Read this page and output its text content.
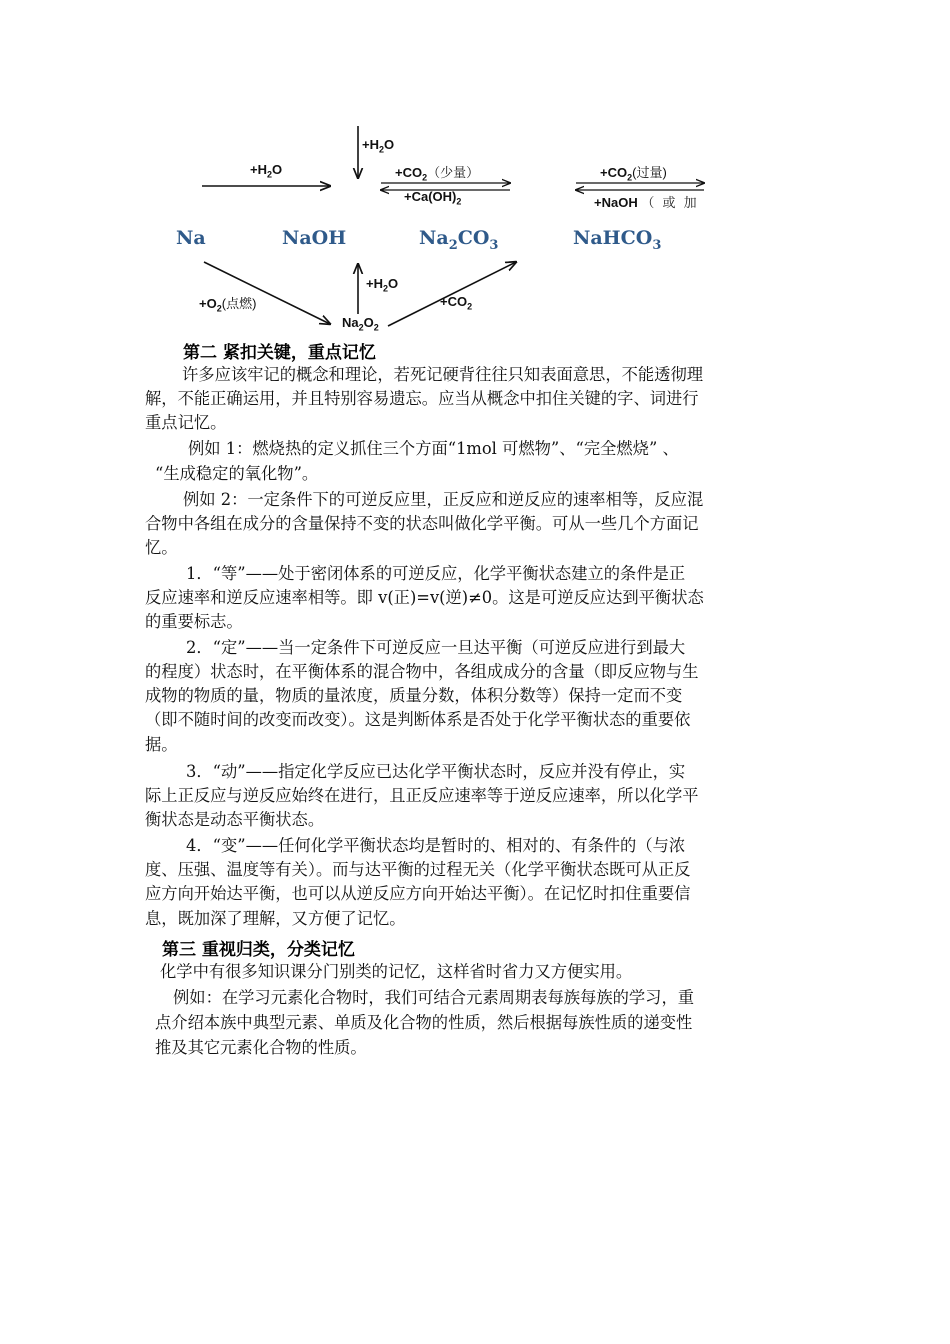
$+H_2O$
$+H_2O$	$+CO_2$（少量）
$+Ca(OH)_2$
$+CO_2$(过量)
+NaOH （ 或 加
Na	NaOH	$Na_2CO_3$	NaHCO$_3$
$+H_2O$
$+O_2$(点燃)	$+CO_2$
$Na_2O_2$
第二 紧扣关键，重点记忆
许多应该牢记的概念和理论，若死记硬背往往只知表面意思，不能透彻理
解，不能正确运用，并且特别容易遗忘。应当从概念中扣住关键的字、词进行
重点记忆。
例如 1：燃烧热的定义抓住三个方面“1mol 可燃物”、“完全燃烧” 、
“生成稳定的氧化物”。
例如 2：一定条件下的可逆反应里，正反应和逆反应的速率相等，反应混
合物中各组在成分的含量保持不变的状态叫做化学平衡。可从一些几个方面记
忆。
1．“等”——处于密闭体系的可逆反应，化学平衡状态建立的条件是正
反应速率和逆反应速率相等。即 v(正)=v(逆)≠0。这是可逆反应达到平衡状态
的重要标志。
2．“定”——当一定条件下可逆反应一旦达平衡（可逆反应进行到最大
的程度）状态时，在平衡体系的混合物中，各组成成分的含量（即反应物与生
成物的物质的量，物质的量浓度，质量分数，体积分数等）保持一定而不变
（即不随时间的改变而改变）。这是判断体系是否处于化学平衡状态的重要依
据。
3．“动”——指定化学反应已达化学平衡状态时，反应并没有停止，实
际上正反应与逆反应始终在进行，且正反应速率等于逆反应速率，所以化学平
衡状态是动态平衡状态。
4．“变”——任何化学平衡状态均是暂时的、相对的、有条件的（与浓
度、压强、温度等有关）。而与达平衡的过程无关（化学平衡状态既可从正反
应方向开始达平衡，也可以从逆反应方向开始达平衡）。在记忆时扣住重要信
息，既加深了理解，又方便了记忆。
第三 重视归类，分类记忆
化学中有很多知识课分门别类的记忆，这样省时省力又方便实用。
例如：在学习元素化合物时，我们可结合元素周期表每族每族的学习，重
点介绍本族中典型元素、单质及化合物的性质，然后根据每族性质的递变性
推及其它元素化合物的性质。
